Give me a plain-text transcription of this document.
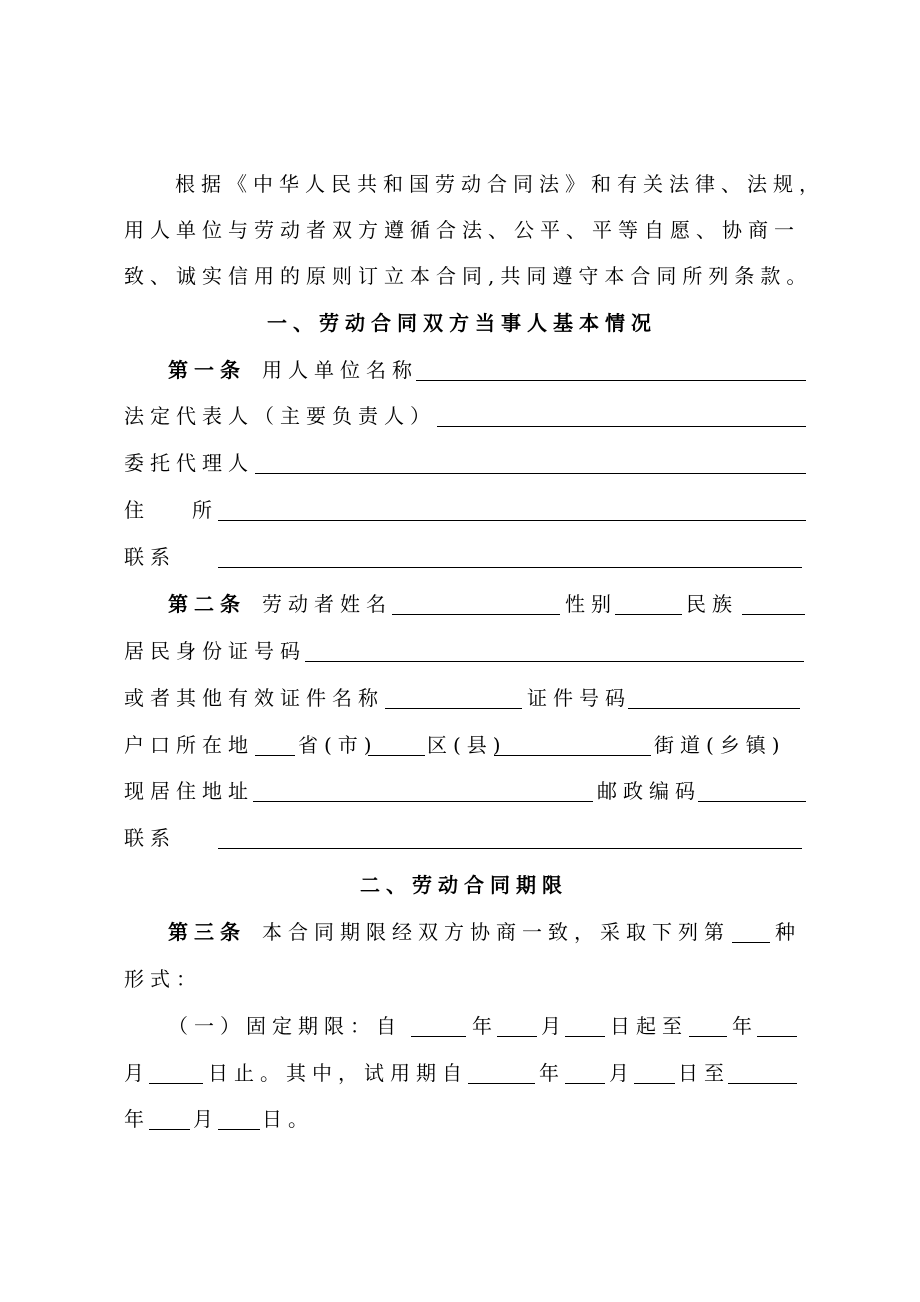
根据《中华人民共和国劳动合同法》和有关法律、法规，
用人单位与劳动者双方遵循合法、公平、平等自愿、协商一
致、诚实信用的原则订立本合同,共同遵守本合同所列条款。
一、劳动合同双方当事人基本情况
第一条 用人单位名称
法定代表人（主要负责人）
委托代理人
住 所
联系
第二条 劳动者姓名	性别	民族
居民身份证号码
或者其他有效证件名称	证件号码
户口所在地 省(市) 区(县)	街道(乡镇)
现居住地址	邮政编码
联系
二、劳动合同期限
第三条 本合同期限经双方协商一致，采取下列第 种
形式：
（一）固定期限：自	年 月 日起至 年
月	日止。其中，试用期自	年 月 日至
年 月 日。
